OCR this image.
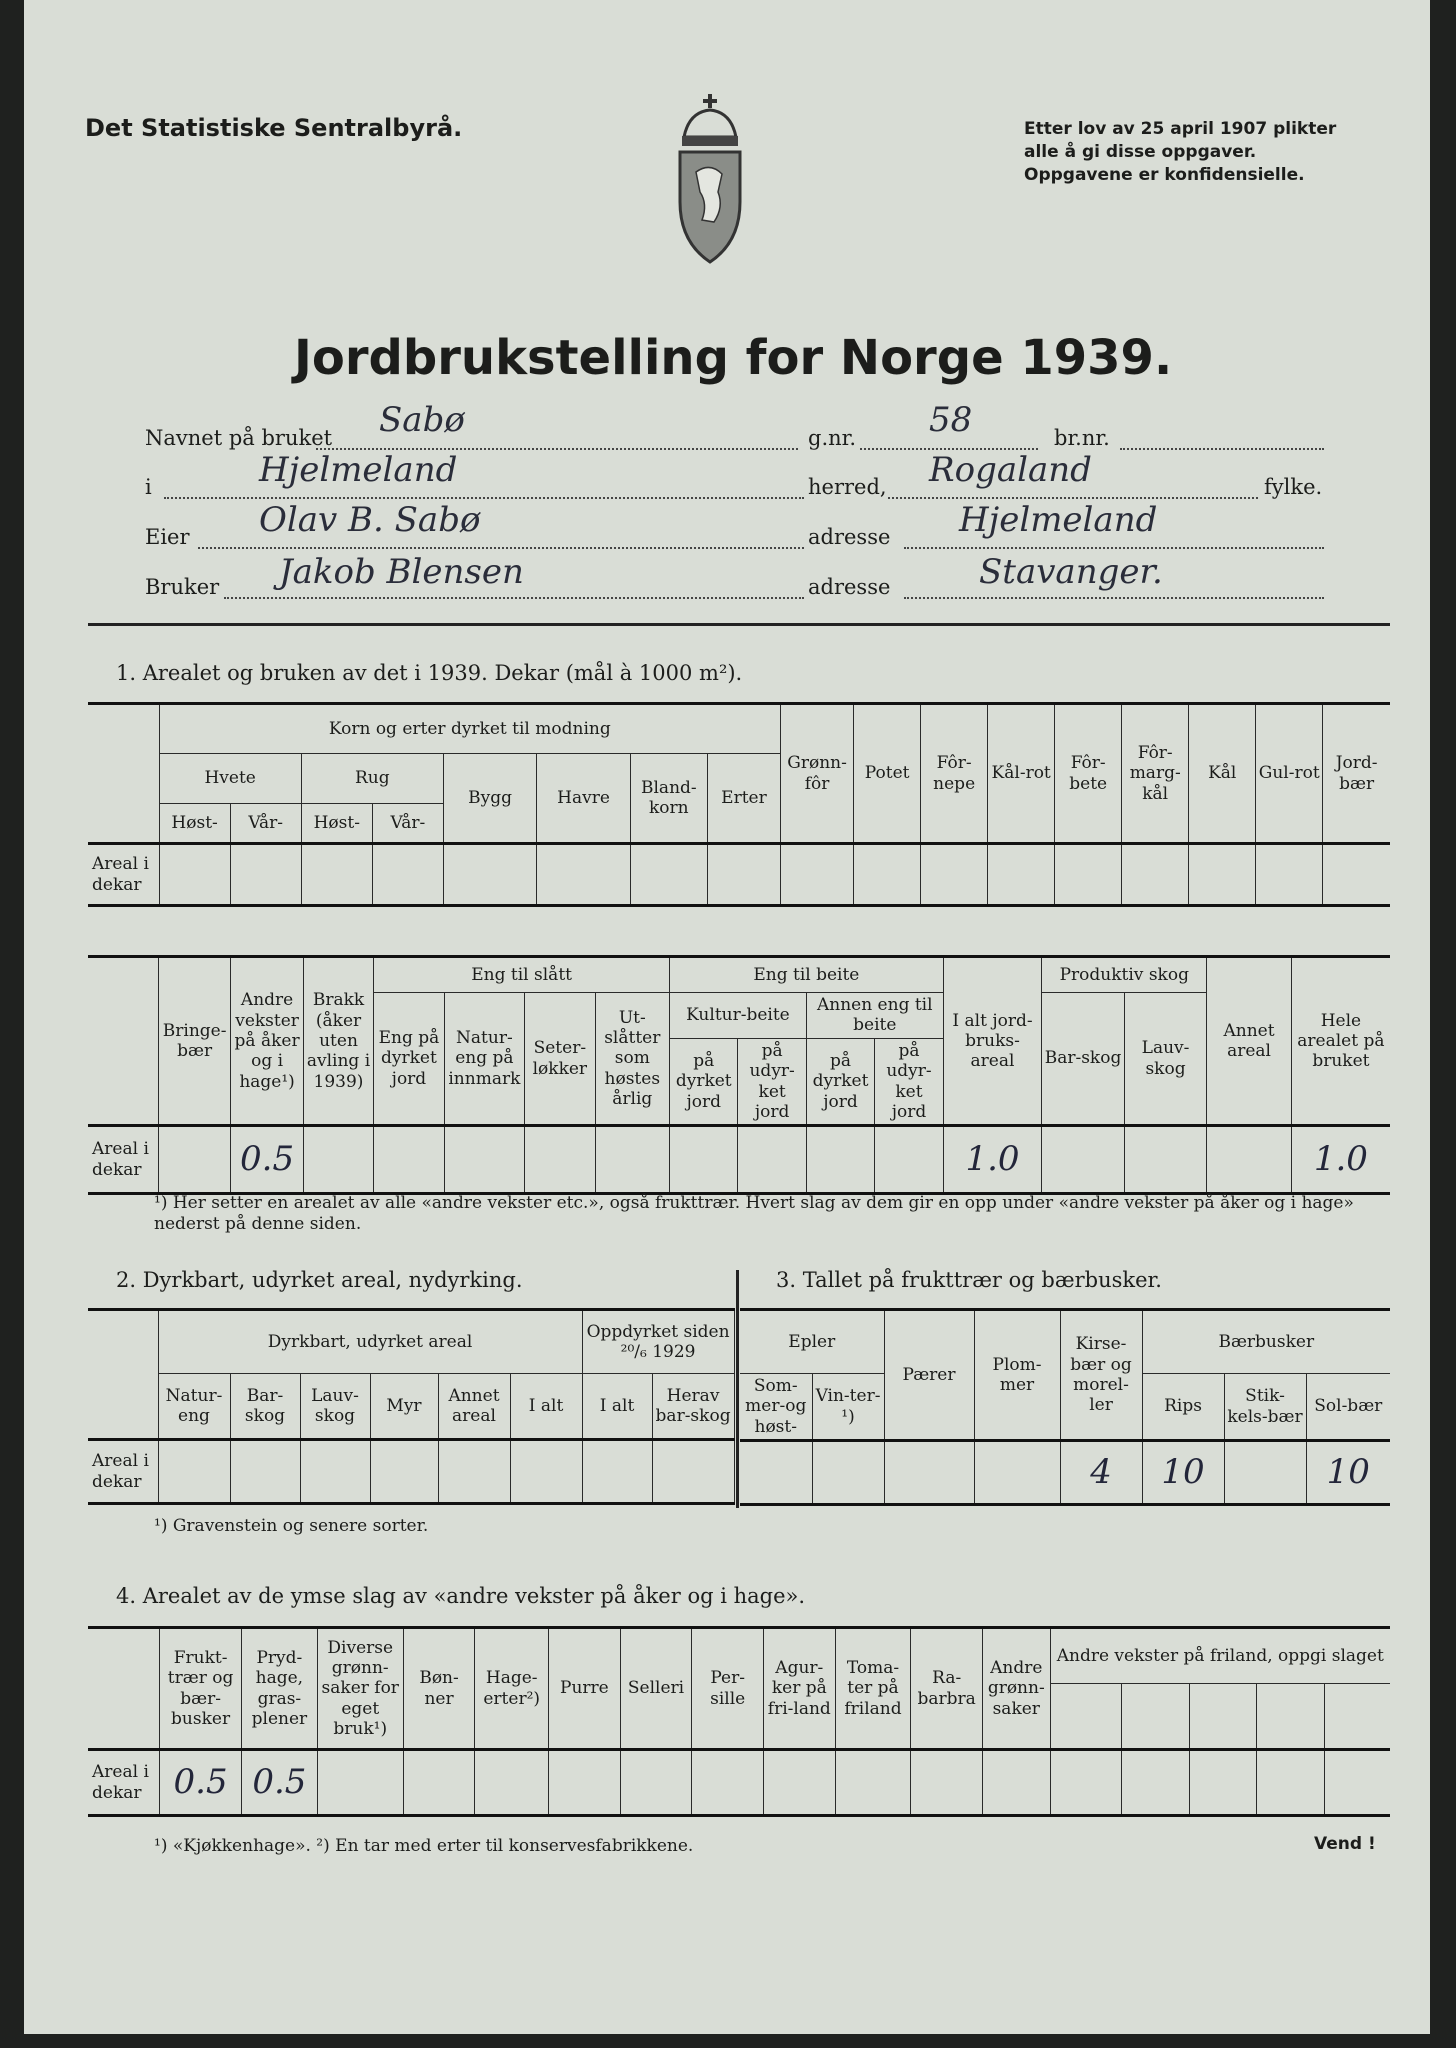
Det Statistiske Sentralbyrå.	Etter lov av 25 april 1907 plikter
alle å gi disse oppgaver.
Oppgavene er konfidensielle.
Jordbrukstelling for Norge 1939.
Navnet på bruket Sabø	g.nr. 58	br.nr.
i	Hjelmeland	herred, Rogaland	fylke.
Eier Olav B. Sabø	adresse Hjelmeland
Bruker Jakob Blensen	adresse	Stavanger.
1. Arealet og bruken av det i 1939. Dekar (mål à 1000 m²).
	Korn og erter dyrket til modning								Grønn-fôr	Potet	Fôr-nepe	Kål-rot	Fôr-bete	Fôr-marg-kål	Kål	Gul-rot	Jord-bær
	Hvete		Rug		Bygg	Havre	Bland-korn	Erter									
	Høst-	Vår-	Høst-	Vår-													
Areal i dekar																	
	Bringe-bær	Andre vekster på åker og i hage¹)	Brakk (åker uten avling i 1939)	Eng til slått				Eng til beite				I alt jord-bruks-areal	Produktiv skog		Annet areal	Hele arealet på bruket
				Eng på dyrket jord	Natur-eng på innmark	Seter-løkker	Ut-slåtter som høstes årlig	Kultur-beite		Annen eng til beite			Bar-skog	Lauv-skog		
								på dyrket jord	på udyr-ket jord	på dyrket jord	på udyr-ket jord					

Areal i dekar		0.5										1.0				1.0
¹) Her setter en arealet av alle «andre vekster etc.», også frukttrær. Hvert slag av dem gir en opp under «andre vekster på åker og i hage» nederst på denne siden.
2. Dyrkbart, udyrket areal, nydyrking.	3. Tallet på frukttrær og bærbusker.
	Dyrkbart, udyrket areal						Oppdyrket siden ²⁰/₆ 1929	
	Natur-eng	Bar-skog	Lauv-skog	Myr	Annet areal	I alt	I alt	Herav bar-skog
Areal i dekar								
Epler		Pærer	Plom-mer	Kirse-bær og morel-ler	Bærbusker		
Som-mer-og høst-	Vin-ter-¹)				Rips	Stik-kels-bær	Sol-bær
				4	10		10
¹) Gravenstein og senere sorter.
4. Arealet av de ymse slag av «andre vekster på åker og i hage».
	Frukt-trær og bær-busker	Pryd-hage, gras-plener	Diverse grønn-saker for eget bruk¹)	Bøn-ner	Hage-erter²)	Purre	Selleri	Per-sille	Agur-ker på fri-land	Toma-ter på friland	Ra-barbra	Andre grønn-saker	Andre vekster på friland, oppgi slaget				

Areal i dekar	0.5	0.5															
¹) «Kjøkkenhage». ²) En tar med erter til konservesfabrikkene.	Vend !
